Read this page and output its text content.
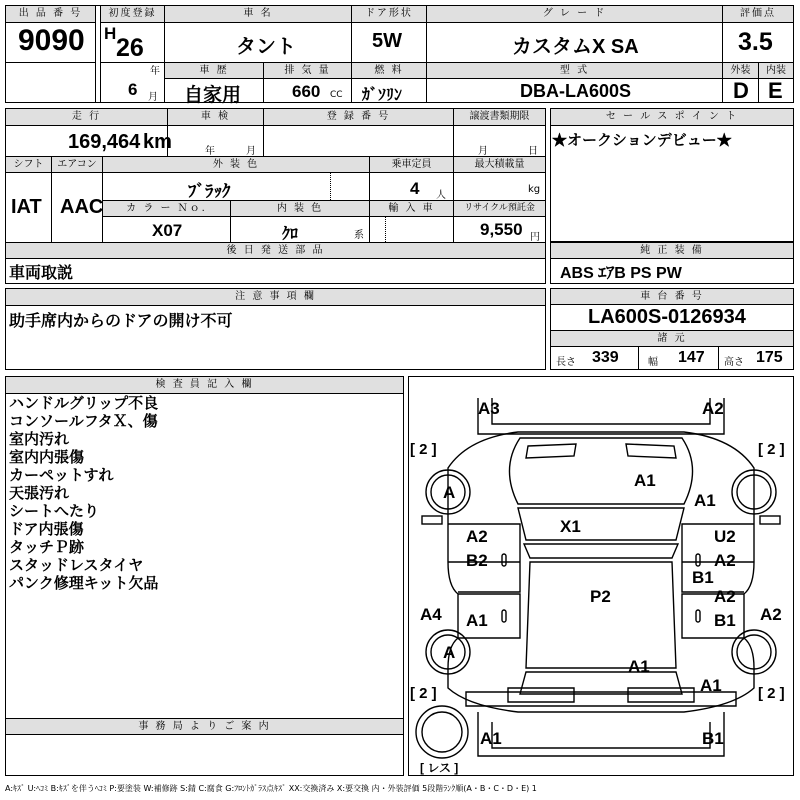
出 品 番 号
9090
初度登録
H
26
年
6 月
車 名
タント
ドア形状
5W
グ レ ー ド
カスタムX SA
評価点
3.5
車 歴
自家用
排 気 量
660 CC
燃 料
ｶﾞｿﾘﾝ
型 式
DBA-LA600S
外装	内装
D E
走 行
169,464 km
車 検
年	月
登 録 番 号	譲渡書類期限
月	日
シフト	エアコン
IAT AAC
外 装 色
ﾌﾞﾗｯｸ
乗車定員
4 人
最大積載量
kg
カ ラ ー Ｎｏ.
X07
内 装 色
ｸﾛ	系
輸 入 車	リサイクル預託金
9,550 円
後 日 発 送 部 品
車両取説
セ ー ル ス ポ イ ン ト
★オークションデビュー★
純 正 装 備
ABS ｴｱB PS PW
注 意 事 項 欄
助手席内からのドアの開け不可
車 台 番 号
LA600S-0126934
諸 元
長さ 339	幅 147 高さ 175
検 査 員 記 入 欄
ハンドルグリップ不良
コンソールフタＸ、傷
室内汚れ
室内内張傷
カーペットすれ
天張汚れ
シートへたり
ドア内張傷
タッチＰ跡
スタッドレスタイヤ
パンク修理キット欠品
事 務 局 よ り ご 案 内
A3	A2
A1
A1
A
A2
B2
X1
U2
A2
B1
P2
A4 A1
A2
B1 A2
A
A1
A1
A1	B1
[ 2 ]	[ 2 ]
[ 2 ]	[ 2 ]
[ レス ]
A:ｷｽﾞ U:ﾍｺﾐ B:ｷｽﾞを伴うﾍｺﾐ P:要塗装 W:補修跡 S:錆 C:腐食 G:ﾌﾛﾝﾄｶﾞﾗｽ点ｷｽﾞ XX:交換済み X:要交換 内・外装評価 5段階ﾗﾝｸ順(A・B・C・D・E) 1
